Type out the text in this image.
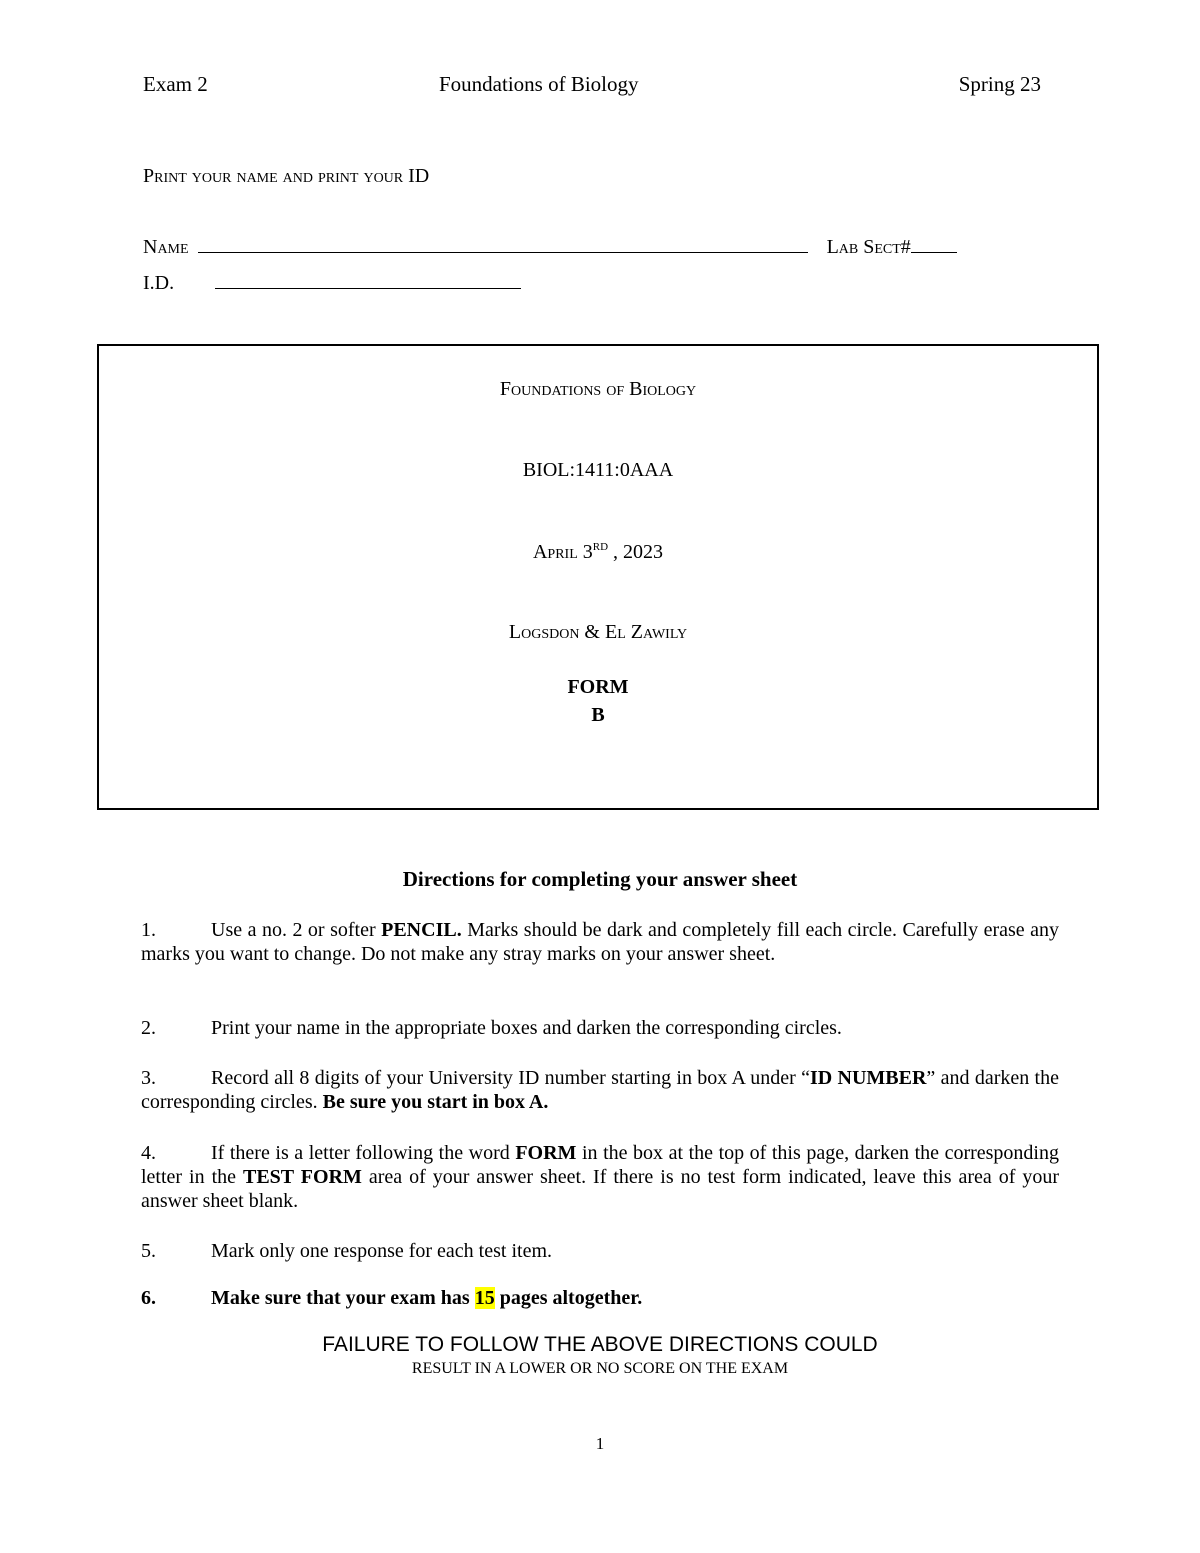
Exam 2	Foundations of Biology	Spring 23
Print your name and print your ID
Name	Lab Sect#
I.D.
Foundations of Biology
BIOL:1411:0AAA
April 3RD , 2023
Logsdon & El Zawily
FORM
B
Directions for completing your answer sheet
1.	Use a no. 2 or softer PENCIL. Marks should be dark and completely fill each circle. Carefully erase any marks you want to change. Do not make any stray marks on your answer sheet.
2.	Print your name in the appropriate boxes and darken the corresponding circles.
3.	Record all 8 digits of your University ID number starting in box A under “ID NUMBER” and darken the corresponding circles. Be sure you start in box A.
4.	If there is a letter following the word FORM in the box at the top of this page, darken the corresponding letter in the TEST FORM area of your answer sheet. If there is no test form indicated, leave this area of your answer sheet blank.
5.	Mark only one response for each test item.
6.	Make sure that your exam has 15 pages altogether.
FAILURE TO FOLLOW THE ABOVE DIRECTIONS COULD
RESULT IN A LOWER OR NO SCORE ON THE EXAM
1
